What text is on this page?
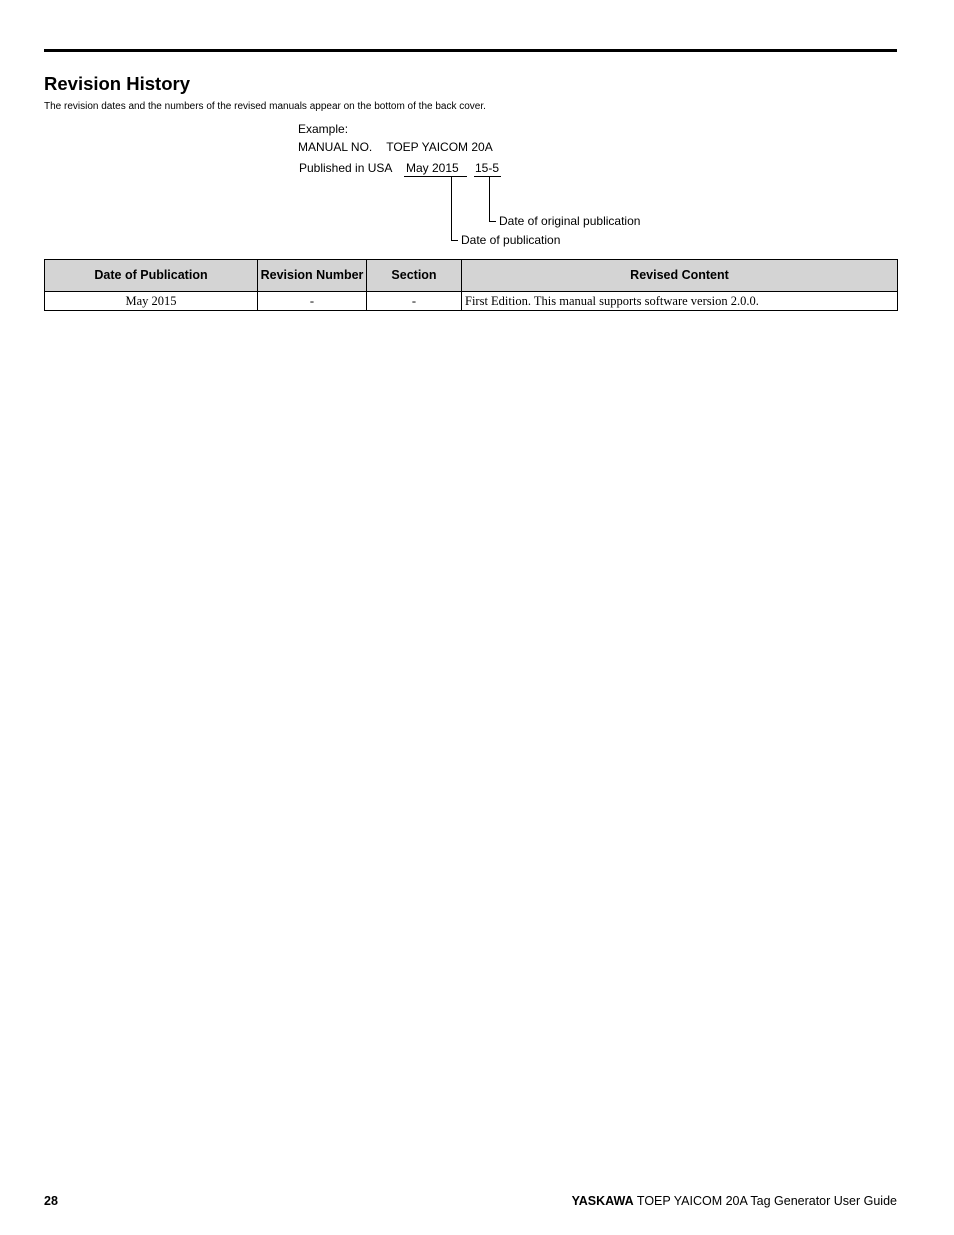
Revision History
The revision dates and the numbers of the revised manuals appear on the bottom of the back cover.
Example:
MANUAL NO. TOEP YAICOM 20A
Published in USA May 2015 15-5
Date of original publication
Date of publication
Date of Publication	Revision Number	Section	Revised Content
May 2015	-	-	First Edition. This manual supports software version 2.0.0.
28	YASKAWA TOEP YAICOM 20A Tag Generator User Guide
